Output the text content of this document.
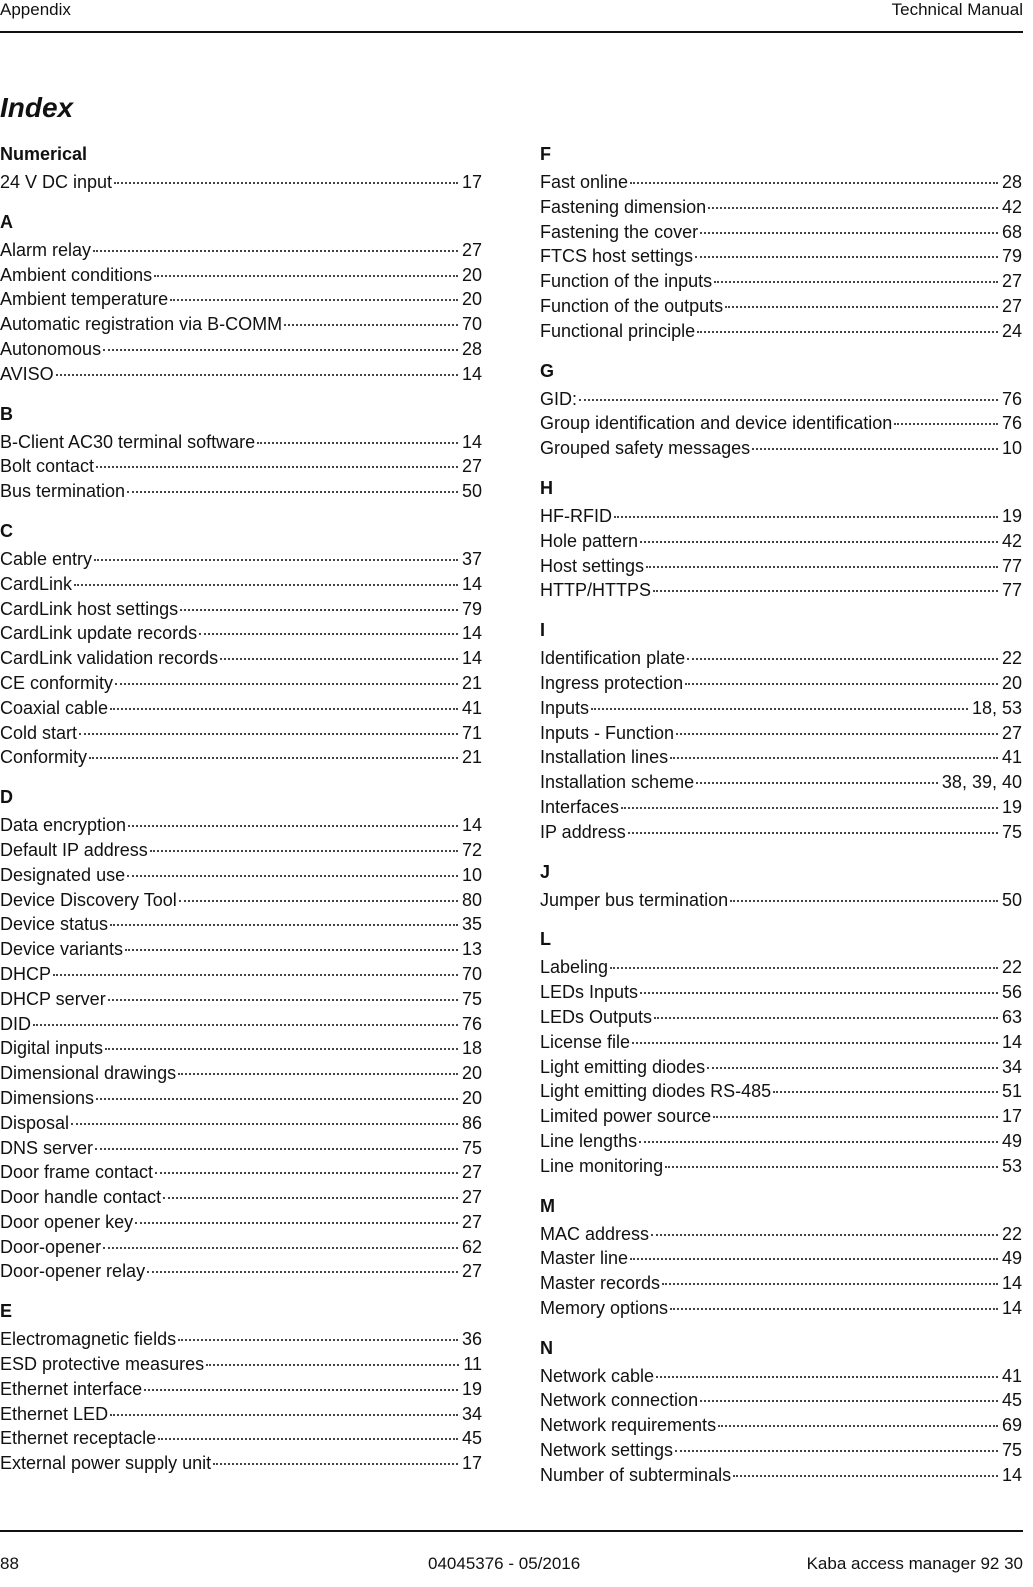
Appendix	Technical Manual
Index
Numerical
24 V DC input	17
A
Alarm relay	27
Ambient conditions	20
Ambient temperature	20
Automatic registration via B-COMM	70
Autonomous	28
AVISO	14
B
B-Client AC30 terminal software	14
Bolt contact	27
Bus termination	50
C
Cable entry	37
CardLink	14
CardLink host settings	79
CardLink update records	14
CardLink validation records	14
CE conformity	21
Coaxial cable	41
Cold start	71
Conformity	21
D
Data encryption	14
Default IP address	72
Designated use	10
Device Discovery Tool	80
Device status	35
Device variants	13
DHCP	70
DHCP server	75
DID	76
Digital inputs	18
Dimensional drawings	20
Dimensions	20
Disposal	86
DNS server	75
Door frame contact	27
Door handle contact	27
Door opener key	27
Door-opener	62
Door-opener relay	27
E
Electromagnetic fields	36
ESD protective measures	11
Ethernet interface	19
Ethernet LED	34
Ethernet receptacle	45
External power supply unit	17
F
Fast online	28
Fastening dimension	42
Fastening the cover	68
FTCS host settings	79
Function of the inputs	27
Function of the outputs	27
Functional principle	24
G
GID:	76
Group identification and device identification	76
Grouped safety messages	10
H
HF-RFID	19
Hole pattern	42
Host settings	77
HTTP/HTTPS	77
I
Identification plate	22
Ingress protection	20
Inputs	18, 53
Inputs - Function	27
Installation lines	41
Installation scheme	38, 39, 40
Interfaces	19
IP address	75
J
Jumper bus termination	50
L
Labeling	22
LEDs Inputs	56
LEDs Outputs	63
License file	14
Light emitting diodes	34
Light emitting diodes RS-485	51
Limited power source	17
Line lengths	49
Line monitoring	53
M
MAC address	22
Master line	49
Master records	14
Memory options	14
N
Network cable	41
Network connection	45
Network requirements	69
Network settings	75
Number of subterminals	14
88	04045376 - 05/2016	Kaba access manager 92 30
